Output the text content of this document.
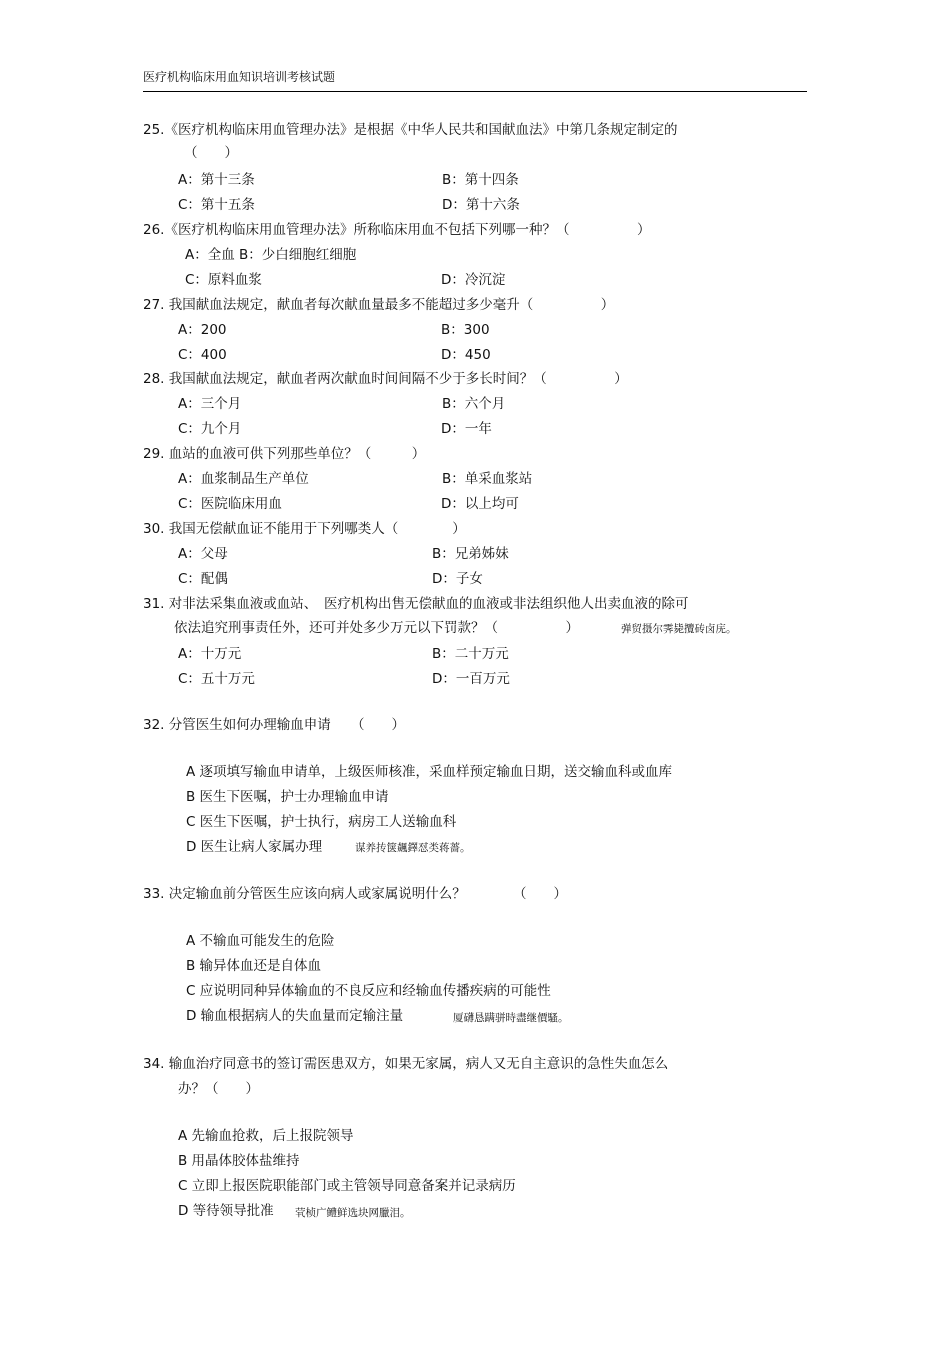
医疗机构临床用血知识培训考核试题
25.《医疗机构临床用血管理办法》是根据《中华人民共和国献血法》中第几条规定制定的
（　　）
A：第十三条	B：第十四条
C：第十五条	D：第十六条
26.《医疗机构临床用血管理办法》所称临床用血不包括下列哪一种？（　　　　　）
A：全血 B：少白细胞红细胞
C：原料血浆	D：冷沉淀
27. 我国献血法规定，献血者每次献血量最多不能超过多少毫升（　　　　　）
A：200	B：300
C：400	D：450
28. 我国献血法规定，献血者两次献血时间间隔不少于多长时间？（　　　　　）
A：三个月	B：六个月
C：九个月	D：一年
29. 血站的血液可供下列那些单位？（　　　）
A：血浆制品生产单位	B：单采血浆站
C：医院临床用血	D：以上均可
30. 我国无偿献血证不能用于下列哪类人（　　　　）
A：父母	B：兄弟姊妹
C：配偶	D：子女
31. 对非法采集血液或血站、　医疗机构出售无偿献血的血液或非法组织他人出卖血液的除可
依法追究刑事责任外，还可并处多少万元以下罚款？（　　　　　）	弹贸摄尔霁毙攬砖卤庑。
A：十万元	B：二十万元
C：五十万元	D：一百万元
32. 分管医生如何办理输血申请　　（　　）
A 逐项填写输血申请单，上级医师核准，采血样预定输血日期，送交输血科或血库
B 医生下医嘱，护士办理输血申请
C 医生下医嘱，护士执行，病房工人送输血科
D 医生让病人家属办理	谋养抟箧飆鐸怼类蒋薔。
33. 决定输血前分管医生应该向病人或家属说明什么？　　　　（　　）
A 不输血可能发生的危险
B 输异体血还是自体血
C 应说明同种异体输血的不良反应和经输血传播疾病的可能性
D 输血根据病人的失血量而定输注量	厦礴恳蹒骈時盡继價騷。
34. 输血治疗同意书的签订需医患双方，如果无家属，病人又无自主意识的急性失血怎么
办？（　　）
A 先输血抢救，后上报院领导
B 用晶体胶体盐维持
C 立即上报医院职能部门或主管领导同意备案并记录病历
D 等待领导批准 茕桢广鳢鲜选块网臘泪。
